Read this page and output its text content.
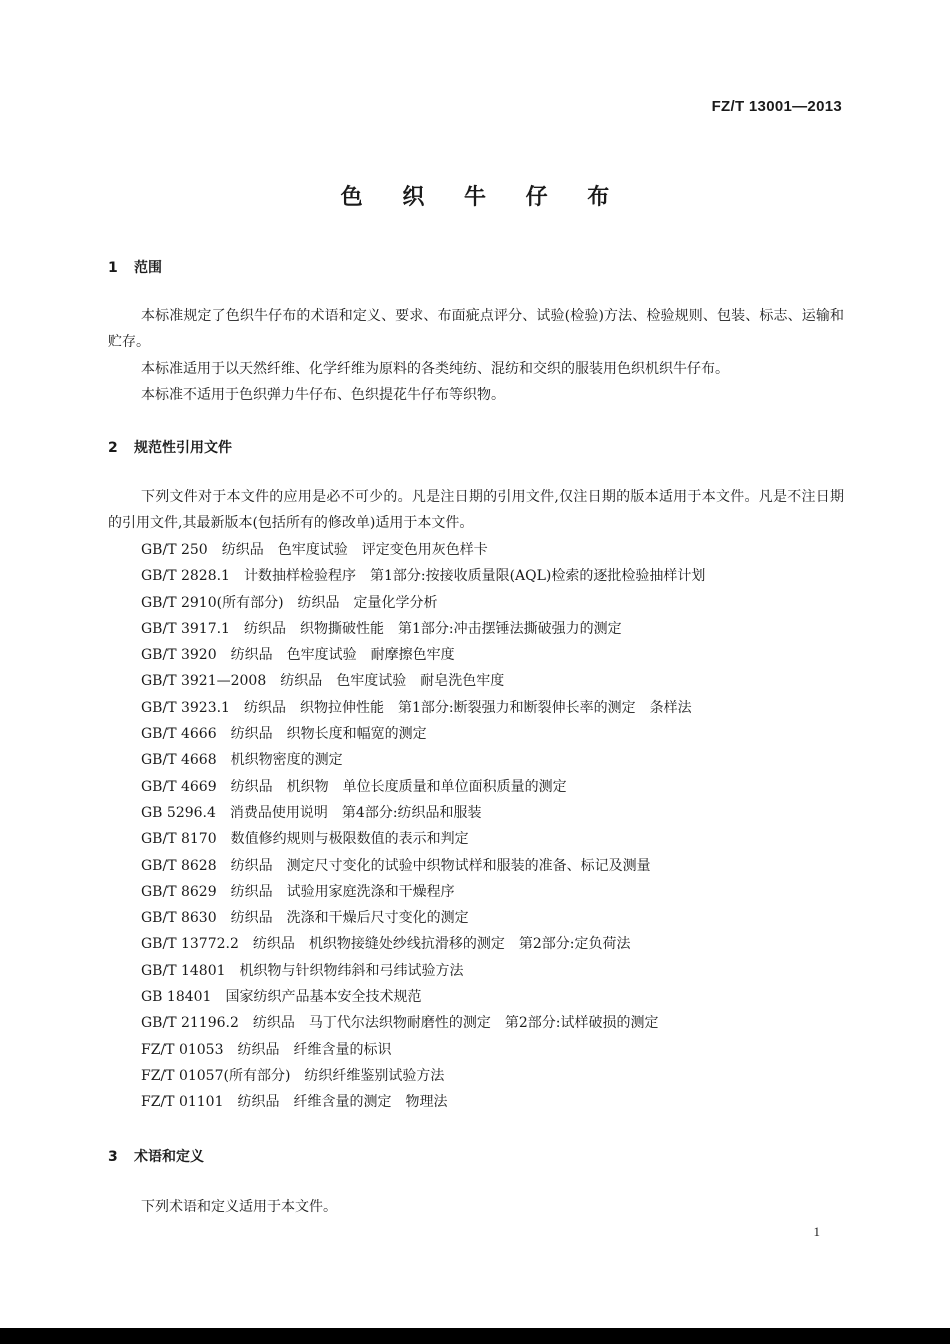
FZ/T 13001—2013
色 织 牛 仔 布
1 范围

本标准规定了色织牛仔布的术语和定义、要求、布面疵点评分、试验(检验)方法、检验规则、包装、标志、运输和贮存。

本标准适用于以天然纤维、化学纤维为原料的各类纯纺、混纺和交织的服装用色织机织牛仔布。

本标准不适用于色织弹力牛仔布、色织提花牛仔布等织物。

2 规范性引用文件

下列文件对于本文件的应用是必不可少的。凡是注日期的引用文件,仅注日期的版本适用于本文件。凡是不注日期的引用文件,其最新版本(包括所有的修改单)适用于本文件。

GB/T 250　纺织品　色牢度试验　评定变色用灰色样卡
GB/T 2828.1　计数抽样检验程序　第1部分:按接收质量限(AQL)检索的逐批检验抽样计划
GB/T 2910(所有部分)　纺织品　定量化学分析
GB/T 3917.1　纺织品　织物撕破性能　第1部分:冲击摆锤法撕破强力的测定
GB/T 3920　纺织品　色牢度试验　耐摩擦色牢度
GB/T 3921—2008　纺织品　色牢度试验　耐皂洗色牢度
GB/T 3923.1　纺织品　织物拉伸性能　第1部分:断裂强力和断裂伸长率的测定　条样法
GB/T 4666　纺织品　织物长度和幅宽的测定
GB/T 4668　机织物密度的测定
GB/T 4669　纺织品　机织物　单位长度质量和单位面积质量的测定
GB 5296.4　消费品使用说明　第4部分:纺织品和服装
GB/T 8170　数值修约规则与极限数值的表示和判定
GB/T 8628　纺织品　测定尺寸变化的试验中织物试样和服装的准备、标记及测量
GB/T 8629　纺织品　试验用家庭洗涤和干燥程序
GB/T 8630　纺织品　洗涤和干燥后尺寸变化的测定
GB/T 13772.2　纺织品　机织物接缝处纱线抗滑移的测定　第2部分:定负荷法
GB/T 14801　机织物与针织物纬斜和弓纬试验方法
GB 18401　国家纺织产品基本安全技术规范
GB/T 21196.2　纺织品　马丁代尔法织物耐磨性的测定　第2部分:试样破损的测定
FZ/T 01053　纺织品　纤维含量的标识
FZ/T 01057(所有部分)　纺织纤维鉴别试验方法
FZ/T 01101　纺织品　纤维含量的测定　物理法
3 术语和定义

下列术语和定义适用于本文件。

1
